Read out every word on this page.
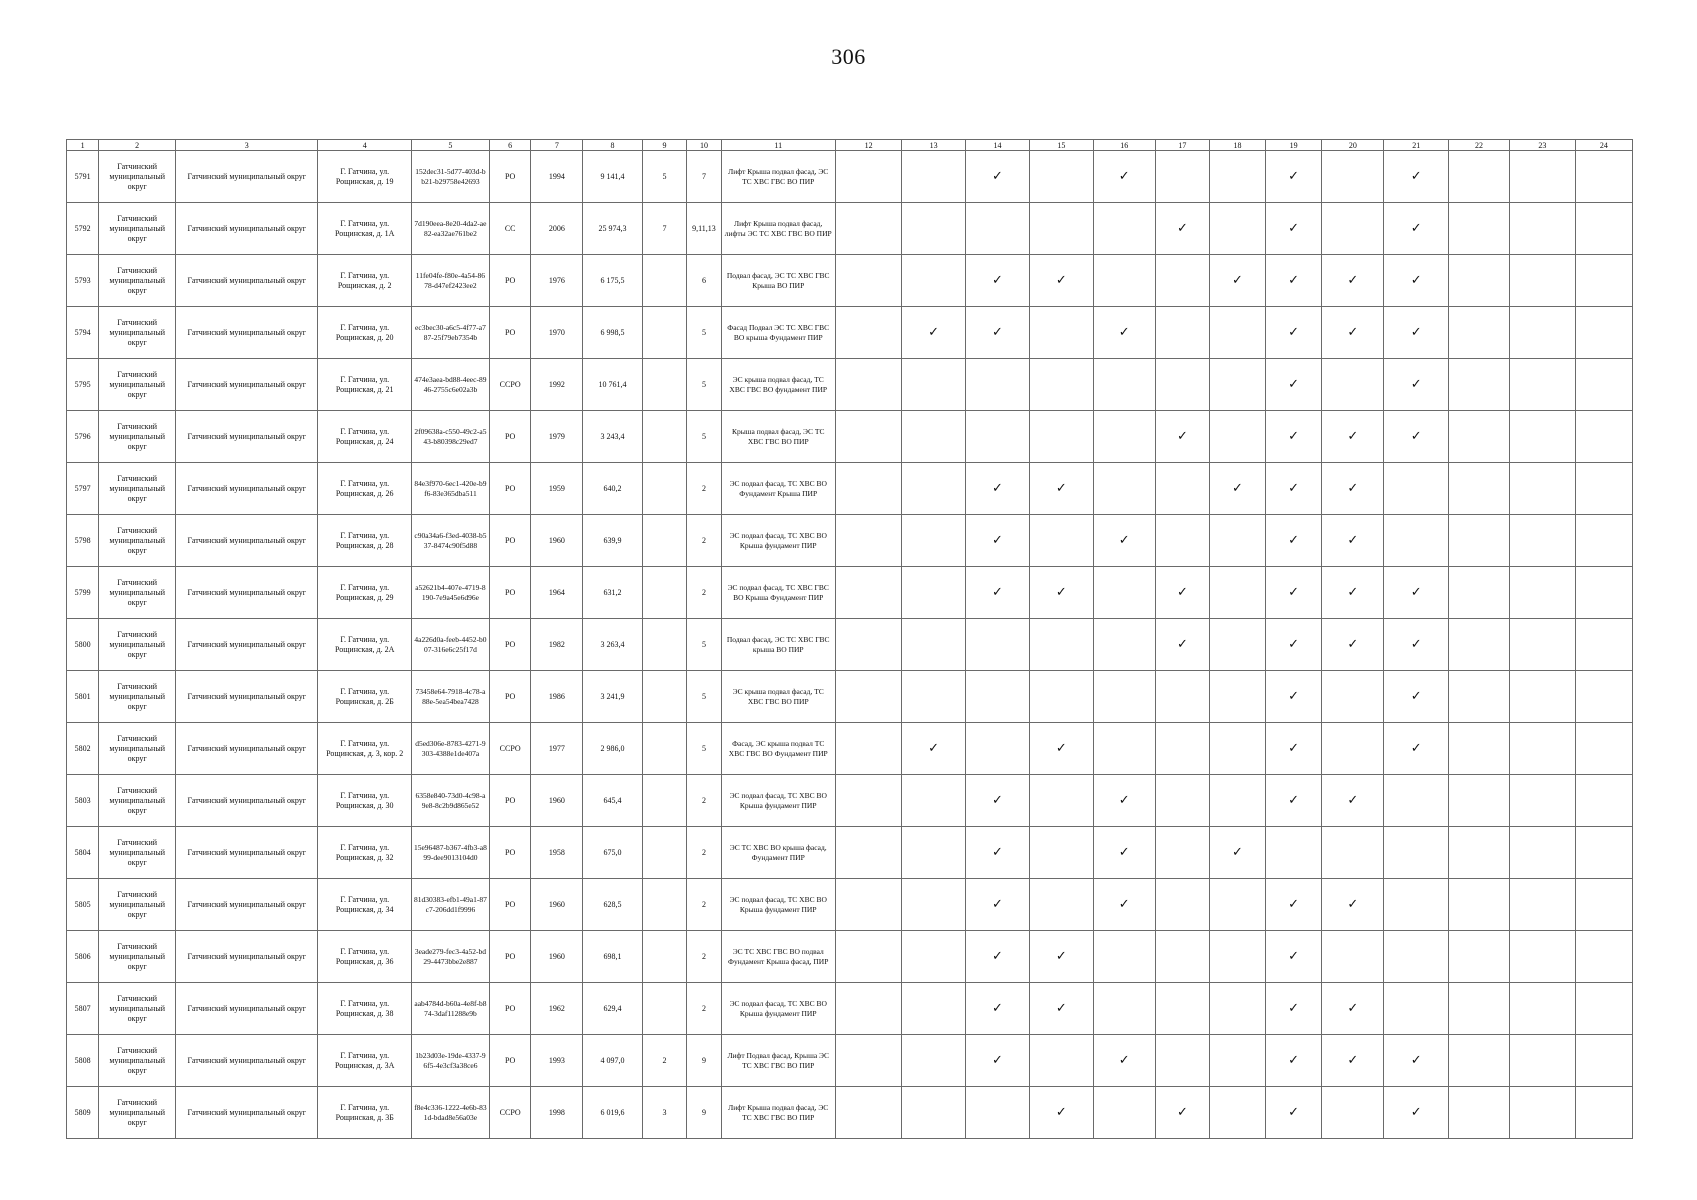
306
1	2	3	4	5	6	7	8	9	10	11	12	13	14	15	16	17	18	19	20	21	22	23	24
5791	Гатчинский муниципальный округ	Гатчинский муниципальный округ	Г. Гатчина, ул. Рощинская, д. 19	152dec31-5d77-403d-bb21-b29758e42693	РО	1994	9 141,4	5	7	Лифт Крыша подвал фасад, ЭС ТС ХВС ГВС ВО ПИР			✓		✓			✓		✓			
5792	Гатчинский муниципальный округ	Гатчинский муниципальный округ	Г. Гатчина, ул. Рощинская, д. 1А	7d190eea-8e20-4da2-ae82-ea32ae761be2	СС	2006	25 974,3	7	9,11,13	Лифт Крыша подвал фасад, лифты ЭС ТС ХВС ГВС ВО ПИР						✓		✓		✓			
5793	Гатчинский муниципальный округ	Гатчинский муниципальный округ	Г. Гатчина, ул. Рощинская, д. 2	11fe04fe-f80e-4a54-8678-d47ef2423ee2	РО	1976	6 175,5		6	Подвал фасад, ЭС ТС ХВС ГВС Крыша ВО ПИР			✓	✓			✓	✓	✓	✓			
5794	Гатчинский муниципальный округ	Гатчинский муниципальный округ	Г. Гатчина, ул. Рощинская, д. 20	ec3bec30-a6c5-4f77-a787-25f79eb7354b	РО	1970	6 998,5		5	Фасад Подвал ЭС ТС ХВС ГВС ВО крыша Фундамент ПИР		✓	✓		✓			✓	✓	✓			
5795	Гатчинский муниципальный округ	Гатчинский муниципальный округ	Г. Гатчина, ул. Рощинская, д. 21	474e3aea-bd88-4eec-8946-2755c6e02a3b	ССРО	1992	10 761,4		5	ЭС крыша подвал фасад, ТС ХВС ГВС ВО фундамент ПИР								✓		✓			
5796	Гатчинский муниципальный округ	Гатчинский муниципальный округ	Г. Гатчина, ул. Рощинская, д. 24	2f09638a-c550-49c2-a543-b80398c29ed7	РО	1979	3 243,4		5	Крыша подвал фасад, ЭС ТС ХВС ГВС ВО ПИР						✓		✓	✓	✓			
5797	Гатчинский муниципальный округ	Гатчинский муниципальный округ	Г. Гатчина, ул. Рощинская, д. 26	84e3f970-6ec1-420e-b9f6-83e365dba511	РО	1959	640,2		2	ЭС подвал фасад, ТС ХВС ВО Фундамент Крыша ПИР			✓	✓			✓	✓	✓				
5798	Гатчинский муниципальный округ	Гатчинский муниципальный округ	Г. Гатчина, ул. Рощинская, д. 28	c90a34a6-f3ed-4038-b537-8474c90f5d88	РО	1960	639,9		2	ЭС подвал фасад, ТС ХВС ВО Крыша фундамент ПИР			✓		✓			✓	✓				
5799	Гатчинский муниципальный округ	Гатчинский муниципальный округ	Г. Гатчина, ул. Рощинская, д. 29	a52621b4-407e-4719-8190-7e9a45e6d96e	РО	1964	631,2		2	ЭС подвал фасад, ТС ХВС ГВС ВО Крыша Фундамент ПИР			✓	✓		✓		✓	✓	✓			
5800	Гатчинский муниципальный округ	Гатчинский муниципальный округ	Г. Гатчина, ул. Рощинская, д. 2А	4a226d0a-feeb-4452-b007-316e6c25f17d	РО	1982	3 263,4		5	Подвал фасад, ЭС ТС ХВС ГВС крыша ВО ПИР						✓		✓	✓	✓			
5801	Гатчинский муниципальный округ	Гатчинский муниципальный округ	Г. Гатчина, ул. Рощинская, д. 2Б	73458e64-7918-4c78-a88e-5ea54bea7428	РО	1986	3 241,9		5	ЭС крыша подвал фасад, ТС ХВС ГВС ВО ПИР								✓		✓			
5802	Гатчинский муниципальный округ	Гатчинский муниципальный округ	Г. Гатчина, ул. Рощинская, д. 3, кор. 2	d5ed306e-8783-4271-9303-4388e1de407a	ССРО	1977	2 986,0		5	Фасад, ЭС крыша подвал ТС ХВС ГВС ВО Фундамент ПИР		✓		✓				✓		✓			
5803	Гатчинский муниципальный округ	Гатчинский муниципальный округ	Г. Гатчина, ул. Рощинская, д. 30	6358e840-73d0-4c98-a9e8-8c2b9d865e52	РО	1960	645,4		2	ЭС подвал фасад, ТС ХВС ВО Крыша фундамент ПИР			✓		✓			✓	✓				
5804	Гатчинский муниципальный округ	Гатчинский муниципальный округ	Г. Гатчина, ул. Рощинская, д. 32	15e96487-b367-4fb3-a899-dee9013104d0	РО	1958	675,0		2	ЭС ТС ХВС ВО крыша фасад, Фундамент ПИР			✓		✓		✓						
5805	Гатчинский муниципальный округ	Гатчинский муниципальный округ	Г. Гатчина, ул. Рощинская, д. 34	81d30383-efb1-49a1-87c7-206dd1f9996	РО	1960	628,5		2	ЭС подвал фасад, ТС ХВС ВО Крыша фундамент ПИР			✓		✓			✓	✓				
5806	Гатчинский муниципальный округ	Гатчинский муниципальный округ	Г. Гатчина, ул. Рощинская, д. 36	3eade279-fec3-4a52-bd29-4473bbe2e887	РО	1960	698,1		2	ЭС ТС ХВС ГВС ВО подвал Фундамент Крыша фасад, ПИР			✓	✓				✓					
5807	Гатчинский муниципальный округ	Гатчинский муниципальный округ	Г. Гатчина, ул. Рощинская, д. 38	aab4784d-b60a-4e8f-b874-3daf11288e9b	РО	1962	629,4		2	ЭС подвал фасад, ТС ХВС ВО Крыша фундамент ПИР			✓	✓				✓	✓				
5808	Гатчинский муниципальный округ	Гатчинский муниципальный округ	Г. Гатчина, ул. Рощинская, д. 3А	1b23d03e-19de-4337-96f5-4e3cf3a38ce6	РО	1993	4 097,0	2	9	Лифт Подвал фасад, Крыша ЭС ТС ХВС ГВС ВО ПИР			✓		✓			✓	✓	✓			
5809	Гатчинский муниципальный округ	Гатчинский муниципальный округ	Г. Гатчина, ул. Рощинская, д. 3Б	f8e4c336-1222-4e6b-831d-bdad8e56a03e	ССРО	1998	6 019,6	3	9	Лифт Крыша подвал фасад, ЭС ТС ХВС ГВС ВО ПИР				✓		✓		✓		✓			
